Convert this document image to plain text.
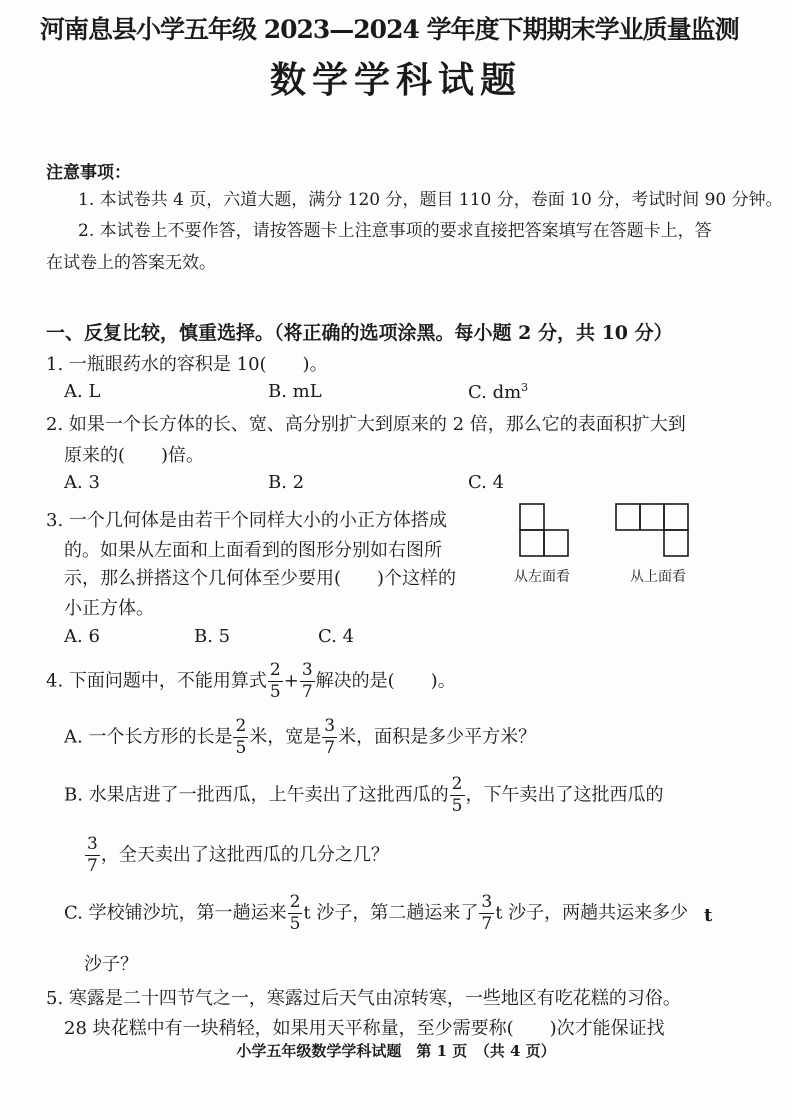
河南息县小学五年级 2023—2024 学年度下期期末学业质量监测
数学学科试题
注意事项：
1. 本试卷共 4 页，六道大题，满分 120 分，题目 110 分，卷面 10 分，考试时间 90 分钟。
2. 本试卷上不要作答，请按答题卡上注意事项的要求直接把答案填写在答题卡上，答
在试卷上的答案无效。
一、反复比较，慎重选择。（将正确的选项涂黑。每小题 2 分，共 10 分）
1. 一瓶眼药水的容积是 10(　　)。
A. L	B. mL	C. $dm^3$
2. 如果一个长方体的长、宽、高分别扩大到原来的 2 倍，那么它的表面积扩大到
原来的(　　)倍。
A. 3	B. 2	C. 4
3. 一个几何体是由若干个同样大小的小正方体搭成
的。如果从左面和上面看到的图形分别如右图所
示，那么拼搭这个几何体至少要用(　　)个这样的
小正方体。
A. 6	B. 5	C. 4
从左面看	从上面看
4. 下面问题中，不能用算式 $\frac{2}{5} + \frac{3}{7}$ 解决的是(　　)。
A. 一个长方形的长是 $\frac{2}{5}$ 米，宽是 $\frac{3}{7}$ 米，面积是多少平方米？
B. 水果店进了一批西瓜，上午卖出了这批西瓜的 $\frac{2}{5}$ ，下午卖出了这批西瓜的
$\frac{3}{7}$ ，全天卖出了这批西瓜的几分之几？
C. 学校铺沙坑，第一趟运来 $\frac{2}{5}$ t 沙子，第二趟运来了 $\frac{3}{7}$ t 沙子，两趟共运来多少 t
沙子？
5. 寒露是二十四节气之一，寒露过后天气由凉转寒，一些地区有吃花糕的习俗。
28 块花糕中有一块稍轻，如果用天平称量，至少需要称(　　)次才能保证找
小学五年级数学学科试题　第 1 页　（共 4 页）
